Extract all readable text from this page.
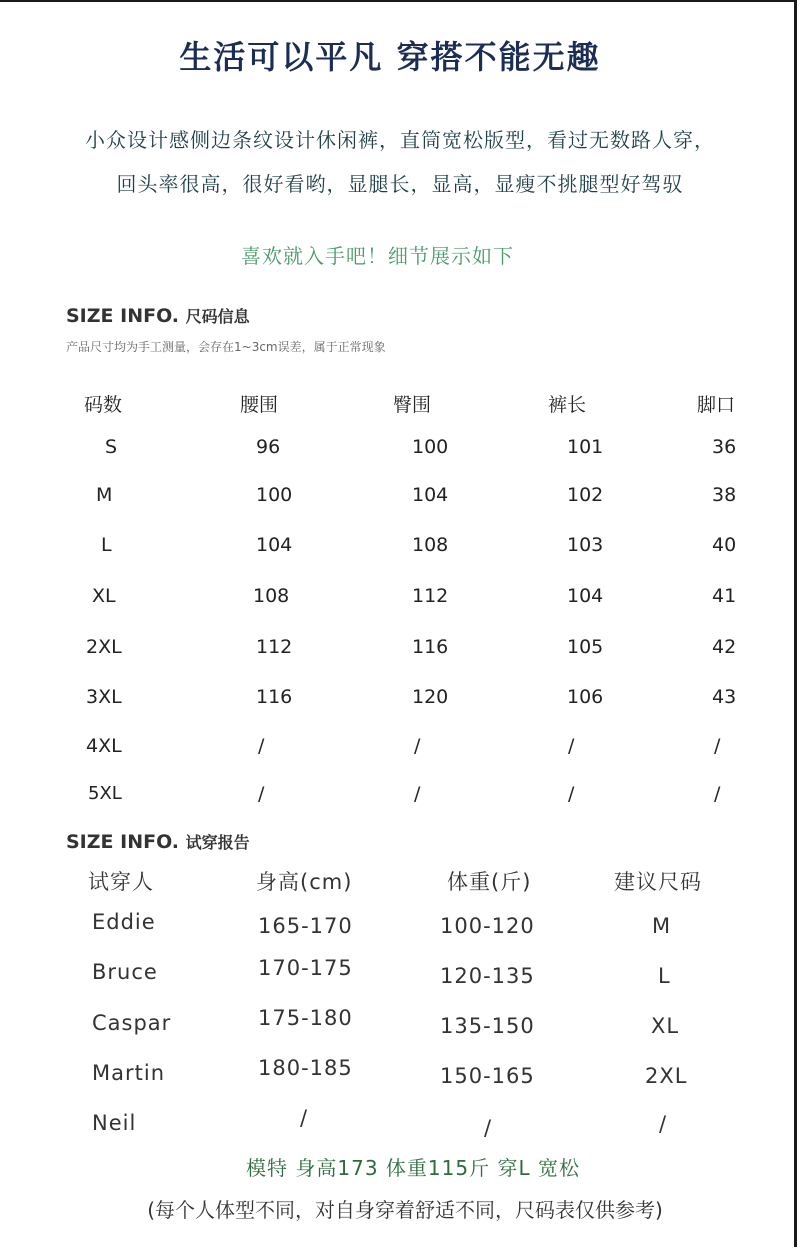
生活可以平凡 穿搭不能无趣
小众设计感侧边条纹设计休闲裤，直筒宽松版型，看过无数路人穿，
回头率很高，很好看哟，显腿长，显高，显瘦不挑腿型好驾驭
喜欢就入手吧！细节展示如下
SIZE INFO. 尺码信息
产品尺寸均为手工测量，会存在1~3cm误差，属于正常现象
码数	腰围	臀围	裤长	脚口
S	96	100	101	36
M	100	104	102	38
L	104	108	103	40
XL	108	112	104	41
2XL	112	116	105	42
3XL	116	120	106	43
4XL	/	/	/	/
5XL	/	/	/	/
SIZE INFO. 试穿报告
试穿人	身高(cm)	体重(斤)	建议尺码
Eddie	165-170	100-120	M
Bruce	170-175	120-135	L
Caspar	175-180	135-150	XL
Martin	180-185	150-165	2XL
Neil	/	/	/
模特 身高173 体重115斤 穿L 宽松
(每个人体型不同，对自身穿着舒适不同，尺码表仅供参考)
